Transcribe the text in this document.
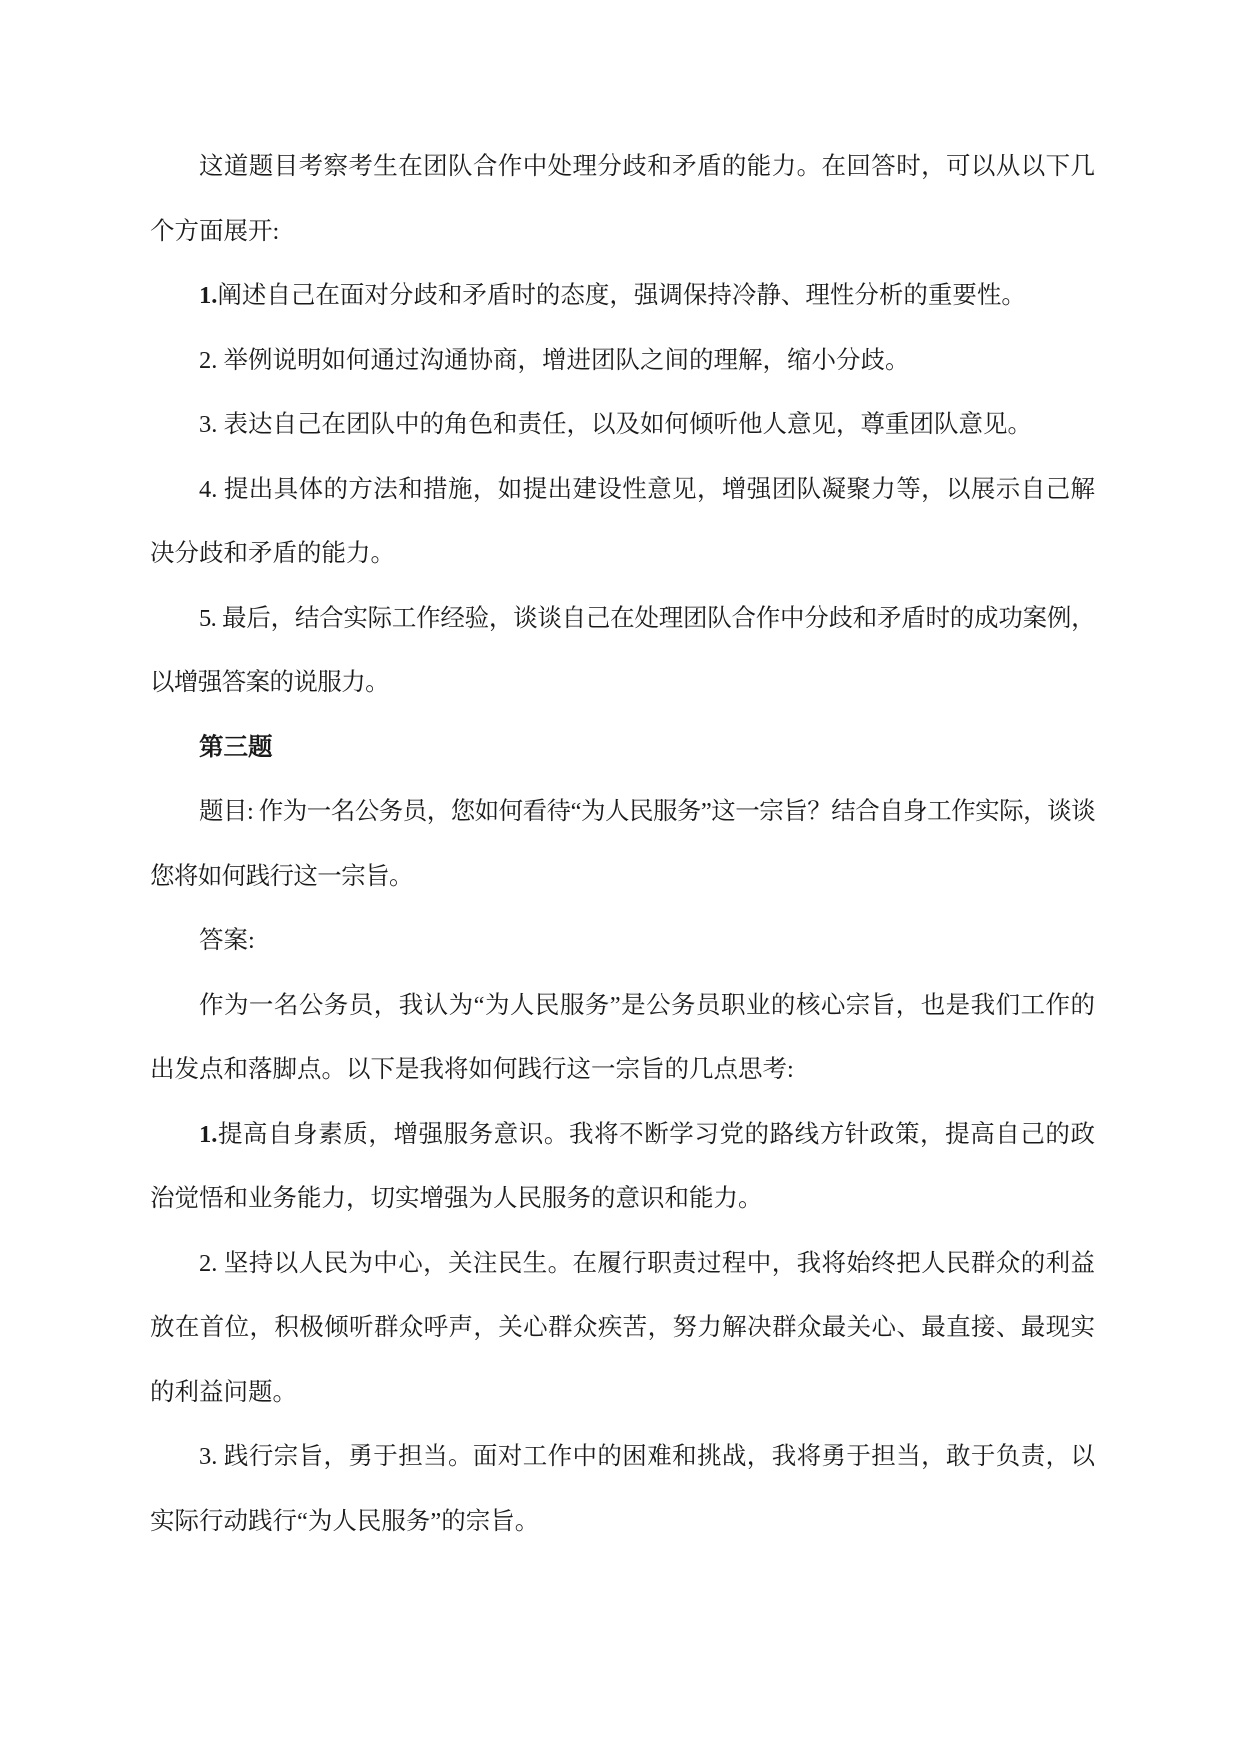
这道题目考察考生在团队合作中处理分歧和矛盾的能力。在回答时，可以从以下几个方面展开:

1.阐述自己在面对分歧和矛盾时的态度，强调保持冷静、理性分析的重要性。

2. 举例说明如何通过沟通协商，增进团队之间的理解，缩小分歧。

3. 表达自己在团队中的角色和责任，以及如何倾听他人意见，尊重团队意见。

4. 提出具体的方法和措施，如提出建设性意见，增强团队凝聚力等，以展示自己解决分歧和矛盾的能力。

5. 最后，结合实际工作经验，谈谈自己在处理团队合作中分歧和矛盾时的成功案例，以增强答案的说服力。

第三题

题目: 作为一名公务员，您如何看待“为人民服务”这一宗旨？结合自身工作实际，谈谈您将如何践行这一宗旨。

答案:

作为一名公务员，我认为“为人民服务”是公务员职业的核心宗旨，也是我们工作的出发点和落脚点。以下是我将如何践行这一宗旨的几点思考:

1.提高自身素质，增强服务意识。我将不断学习党的路线方针政策，提高自己的政治觉悟和业务能力，切实增强为人民服务的意识和能力。

2. 坚持以人民为中心，关注民生。在履行职责过程中，我将始终把人民群众的利益放在首位，积极倾听群众呼声，关心群众疾苦，努力解决群众最关心、最直接、最现实的利益问题。

3. 践行宗旨，勇于担当。面对工作中的困难和挑战，我将勇于担当，敢于负责，以实际行动践行“为人民服务”的宗旨。
